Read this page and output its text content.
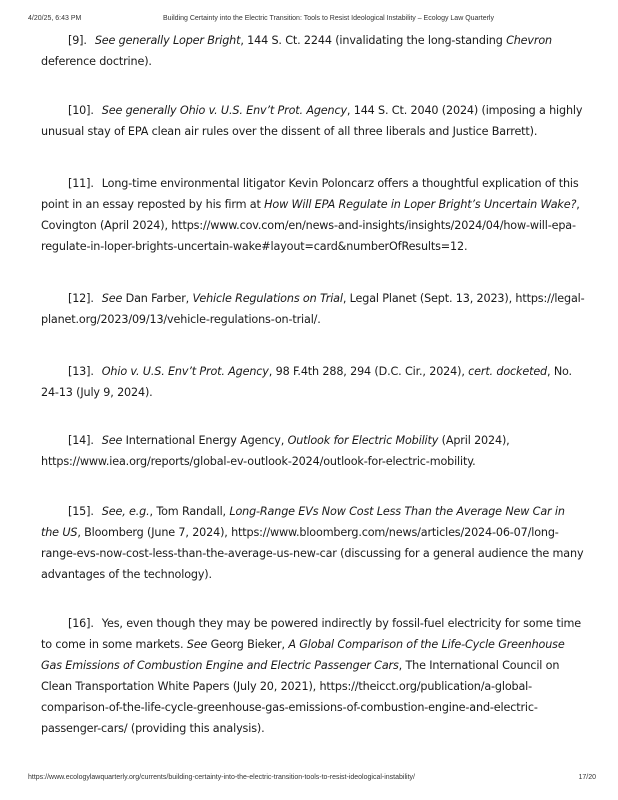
4/20/25, 6:43 PM	Building Certainty into the Electric Transition: Tools to Resist Ideological Instability – Ecology Law Quarterly

[9]. See generally Loper Bright, 144 S. Ct. 2244 (invalidating the long-standing Chevron deference doctrine).

[10]. See generally Ohio v. U.S. Env’t Prot. Agency, 144 S. Ct. 2040 (2024) (imposing a highly unusual stay of EPA clean air rules over the dissent of all three liberals and Justice Barrett).

[11]. Long-time environmental litigator Kevin Poloncarz offers a thoughtful explication of this point in an essay reposted by his firm at How Will EPA Regulate in Loper Bright’s Uncertain Wake?, Covington (April 2024), https://www.cov.com/en/news-and-insights/insights/2024/04/how-will-epa-regulate-in-loper-brights-uncertain-wake#layout=card&numberOfResults=12.

[12]. See Dan Farber, Vehicle Regulations on Trial, Legal Planet (Sept. 13, 2023), https://legal-planet.org/2023/09/13/vehicle-regulations-on-trial/.

[13]. Ohio v. U.S. Env’t Prot. Agency, 98 F.4th 288, 294 (D.C. Cir., 2024), cert. docketed, No. 24-13 (July 9, 2024).

[14]. See International Energy Agency, Outlook for Electric Mobility (April 2024), https://www.iea.org/reports/global-ev-outlook-2024/outlook-for-electric-mobility.

[15]. See, e.g., Tom Randall, Long-Range EVs Now Cost Less Than the Average New Car in the US, Bloomberg (June 7, 2024), https://www.bloomberg.com/news/articles/2024-06-07/long-range-evs-now-cost-less-than-the-average-us-new-car (discussing for a general audience the many advantages of the technology).

[16]. Yes, even though they may be powered indirectly by fossil-fuel electricity for some time to come in some markets. See Georg Bieker, A Global Comparison of the Life-Cycle Greenhouse Gas Emissions of Combustion Engine and Electric Passenger Cars, The International Council on Clean Transportation White Papers (July 20, 2021), https://theicct.org/publication/a-global-comparison-of-the-life-cycle-greenhouse-gas-emissions-of-combustion-engine-and-electric-passenger-cars/ (providing this analysis).

https://www.ecologylawquarterly.org/currents/building-certainty-into-the-electric-transition-tools-to-resist-ideological-instability/	17/20
